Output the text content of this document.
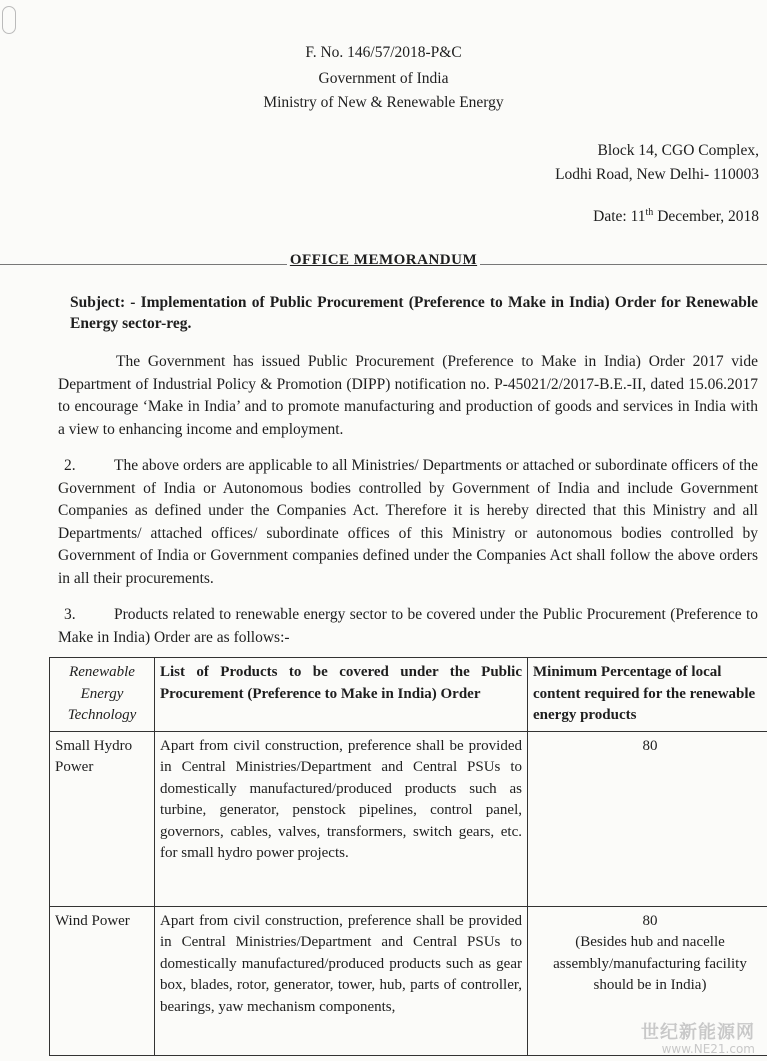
F. No. 146/57/2018-P&C
Government of India
Ministry of New & Renewable Energy
Block 14, CGO Complex,
Lodhi Road, New Delhi- 110003
Date: 11th December, 2018
OFFICE MEMORANDUM
Subject: - Implementation of Public Procurement (Preference to Make in India) Order for Renewable Energy sector-reg.
The Government has issued Public Procurement (Preference to Make in India) Order 2017 vide Department of Industrial Policy & Promotion (DIPP) notification no. P-45021/2/2017-B.E.-II, dated 15.06.2017 to encourage ‘Make in India’ and to promote manufacturing and production of goods and services in India with a view to enhancing income and employment.
2. The above orders are applicable to all Ministries/ Departments or attached or subordinate officers of the Government of India or Autonomous bodies controlled by Government of India and include Government Companies as defined under the Companies Act. Therefore it is hereby directed that this Ministry and all Departments/ attached offices/ subordinate offices of this Ministry or autonomous bodies controlled by Government of India or Government companies defined under the Companies Act shall follow the above orders in all their procurements.
3. Products related to renewable energy sector to be covered under the Public Procurement (Preference to Make in India) Order are as follows:-
Renewable Energy Technology	List of Products to be covered under the Public Procurement (Preference to Make in India) Order	Minimum Percentage of local content required for the renewable energy products
Small Hydro Power	Apart from civil construction, preference shall be provided in Central Ministries/Department and Central PSUs to domestically manufactured/produced products such as turbine, generator, penstock pipelines, control panel, governors, cables, valves, transformers, switch gears, etc. for small hydro power projects.	80

Wind Power	Apart from civil construction, preference shall be provided in Central Ministries/Department and Central PSUs to domestically manufactured/produced products such as gear box, blades, rotor, generator, tower, hub, parts of controller, bearings, yaw mechanism components,	80
(Besides hub and nacelle assembly/manufacturing facility should be in India)
世纪新能源网
www.NE21.com
